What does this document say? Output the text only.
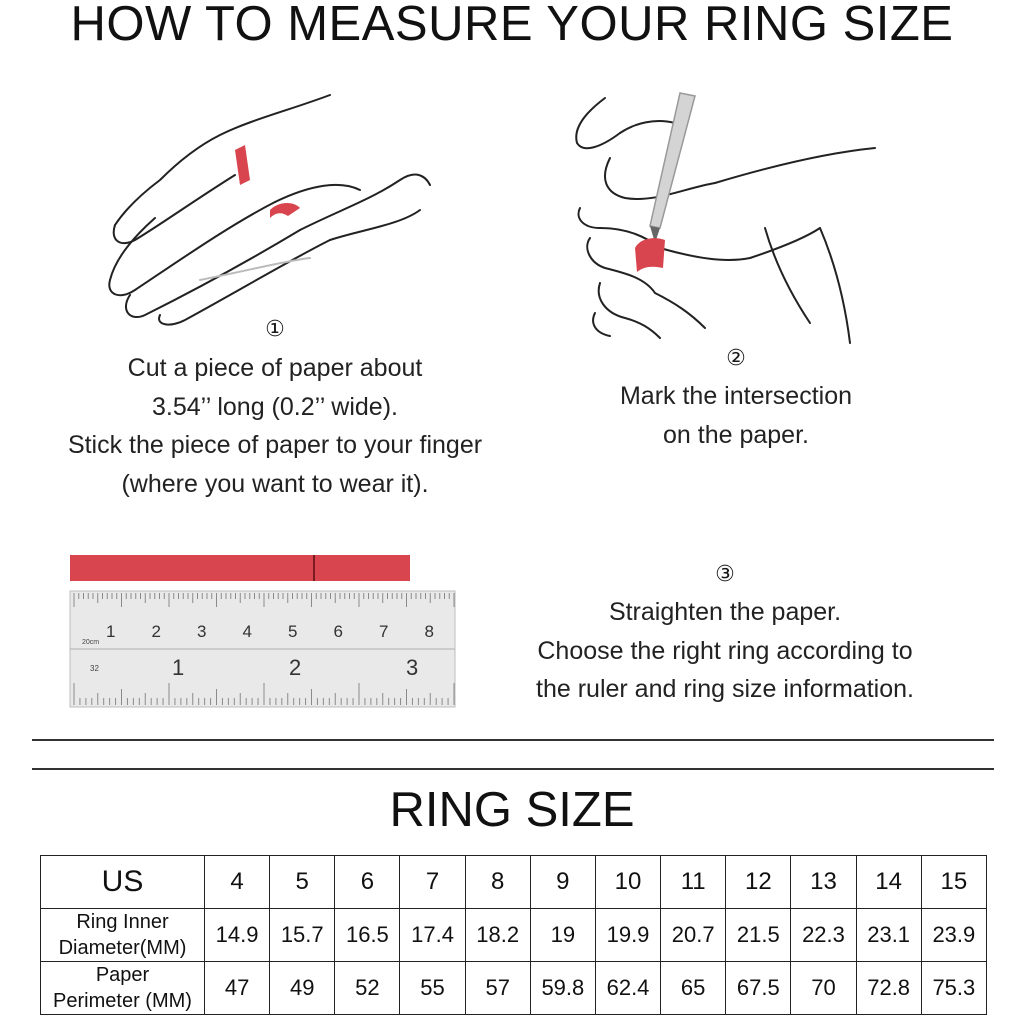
HOW TO MEASURE YOUR RING SIZE
①
Cut a piece of paper about
3.54’’ long (0.2’’ wide).
Stick the piece of paper to your finger
(where you want to wear it).
②
Mark the intersection
on the paper.
1 2 3 4 5 6 7 8
1	2	3
20cm
32
③
Straighten the paper.
Choose the right ring according to
the ruler and ring size information.
RING SIZE
US	4	5	6	7	8	9	10	11	12	13	14	15

Ring Inner
Diameter(MM)	14.9	15.7	16.5	17.4	18.2	19	19.9	20.7	21.5	22.3	23.1	23.9

Paper
Perimeter (MM)	47	49	52	55	57	59.8	62.4	65	67.5	70	72.8	75.3
